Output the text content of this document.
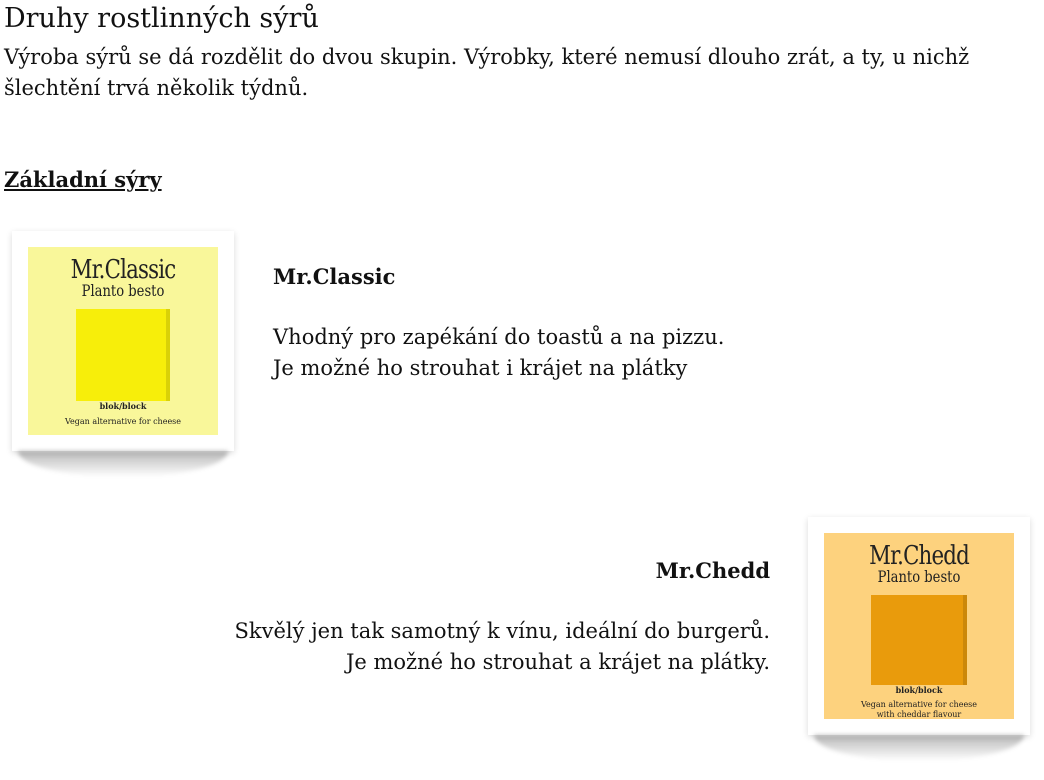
Druhy rostlinných sýrů

Výroba sýrů se dá rozdělit do dvou skupin. Výrobky, které nemusí dlouho zrát, a ty, u nichž šlechtění trvá několik týdnů.

Základní sýry
Mr.Classic
Planto besto
blok/block
Vegan alternative for cheese
Mr.Classic

Vhodný pro zapékání do toastů a na pizzu.
Je možné ho strouhat i krájet na plátky

Mr.Chedd
Planto besto
blok/block
Vegan alternative for cheese
with cheddar flavour
Mr.Chedd

Skvělý jen tak samotný k vínu, ideální do burgerů.
Je možné ho strouhat a krájet na plátky.
